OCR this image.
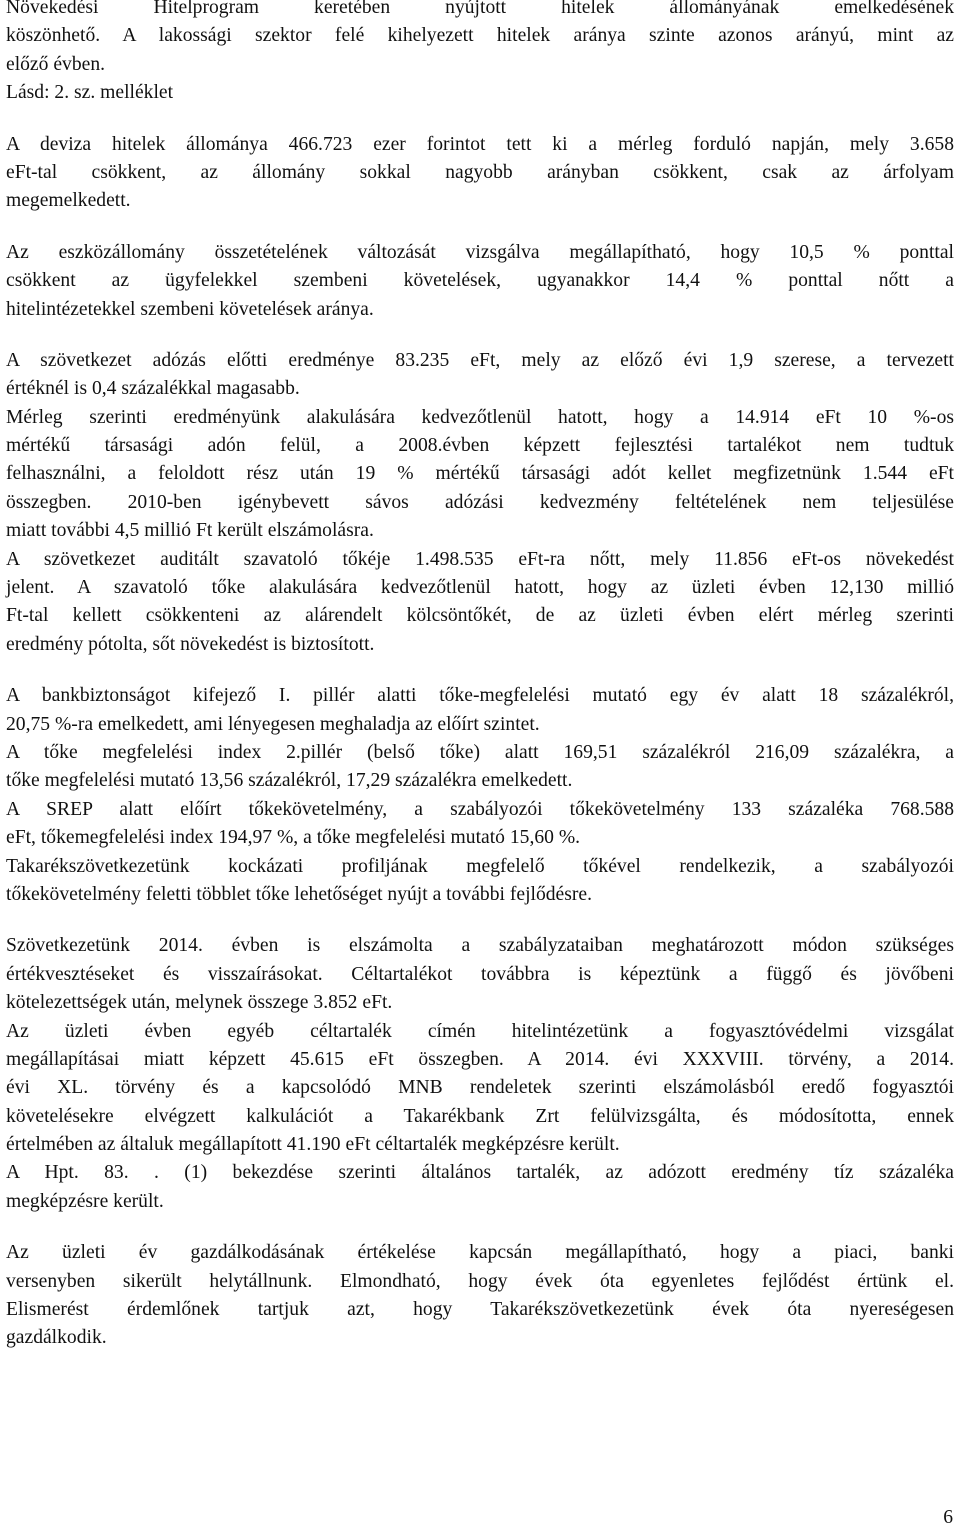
Növekedési Hitelprogram keretében nyújtott hitelek állományának emelkedésének
köszönhető. A lakossági szektor felé kihelyezett hitelek aránya szinte azonos arányú, mint az
előző évben.
Lásd: 2. sz. melléklet
A deviza hitelek állománya 466.723 ezer forintot tett ki a mérleg forduló napján, mely 3.658
eFt-tal csökkent, az állomány sokkal nagyobb arányban csökkent, csak az árfolyam
megemelkedett.
Az eszközállomány összetételének változását vizsgálva megállapítható, hogy 10,5 % ponttal
csökkent az ügyfelekkel szembeni követelések, ugyanakkor 14,4 % ponttal nőtt a
hitelintézetekkel szembeni követelések aránya.
A szövetkezet adózás előtti eredménye 83.235 eFt, mely az előző évi 1,9 szerese, a tervezett
értéknél is 0,4 százalékkal magasabb.
Mérleg szerinti eredményünk alakulására kedvezőtlenül hatott, hogy a 14.914 eFt 10 %-os
mértékű társasági adón felül, a 2008.évben képzett fejlesztési tartalékot nem tudtuk
felhasználni, a feloldott rész után 19 % mértékű társasági adót kellet megfizetnünk 1.544 eFt
összegben. 2010-ben igénybevett sávos adózási kedvezmény feltételének nem teljesülése
miatt további 4,5 millió Ft került elszámolásra.
A szövetkezet auditált szavatoló tőkéje 1.498.535 eFt-ra nőtt, mely 11.856 eFt-os növekedést
jelent. A szavatoló tőke alakulására kedvezőtlenül hatott, hogy az üzleti évben 12,130 millió
Ft-tal kellett csökkenteni az alárendelt kölcsöntőkét, de az üzleti évben elért mérleg szerinti
eredmény pótolta, sőt növekedést is biztosított.
A bankbiztonságot kifejező I. pillér alatti tőke-megfelelési mutató egy év alatt 18 százalékról,
20,75 %-ra emelkedett, ami lényegesen meghaladja az előírt szintet.
A tőke megfelelési index 2.pillér (belső tőke) alatt 169,51 százalékról 216,09 százalékra, a
tőke megfelelési mutató 13,56 százalékról, 17,29 százalékra emelkedett.
A SREP alatt előírt tőkekövetelmény, a szabályozói tőkekövetelmény 133 százaléka 768.588
eFt, tőkemegfelelési index 194,97 %, a tőke megfelelési mutató 15,60 %.
Takarékszövetkezetünk kockázati profiljának megfelelő tőkével rendelkezik, a szabályozói
tőkekövetelmény feletti többlet tőke lehetőséget nyújt a további fejlődésre.
Szövetkezetünk 2014. évben is elszámolta a szabályzataiban meghatározott módon szükséges
értékvesztéseket és visszaírásokat. Céltartalékot továbbra is képeztünk a függő és jövőbeni
kötelezettségek után, melynek összege 3.852 eFt.
Az üzleti évben egyéb céltartalék címén hitelintézetünk a fogyasztóvédelmi vizsgálat
megállapításai miatt képzett 45.615 eFt összegben. A 2014. évi XXXVIII. törvény, a 2014.
évi XL. törvény és a kapcsolódó MNB rendeletek szerinti elszámolásból eredő fogyasztói
követelésekre elvégzett kalkulációt a Takarékbank Zrt felülvizsgálta, és módosította, ennek
értelmében az általuk megállapított 41.190 eFt céltartalék megképzésre került.
A Hpt. 83. . (1) bekezdése szerinti általános tartalék, az adózott eredmény tíz százaléka
megképzésre került.
Az üzleti év gazdálkodásának értékelése kapcsán megállapítható, hogy a piaci, banki
versenyben sikerült helytállnunk. Elmondható, hogy évek óta egyenletes fejlődést értünk el.
Elismerést érdemlőnek tartjuk azt, hogy Takarékszövetkezetünk évek óta nyereségesen
gazdálkodik.
6
